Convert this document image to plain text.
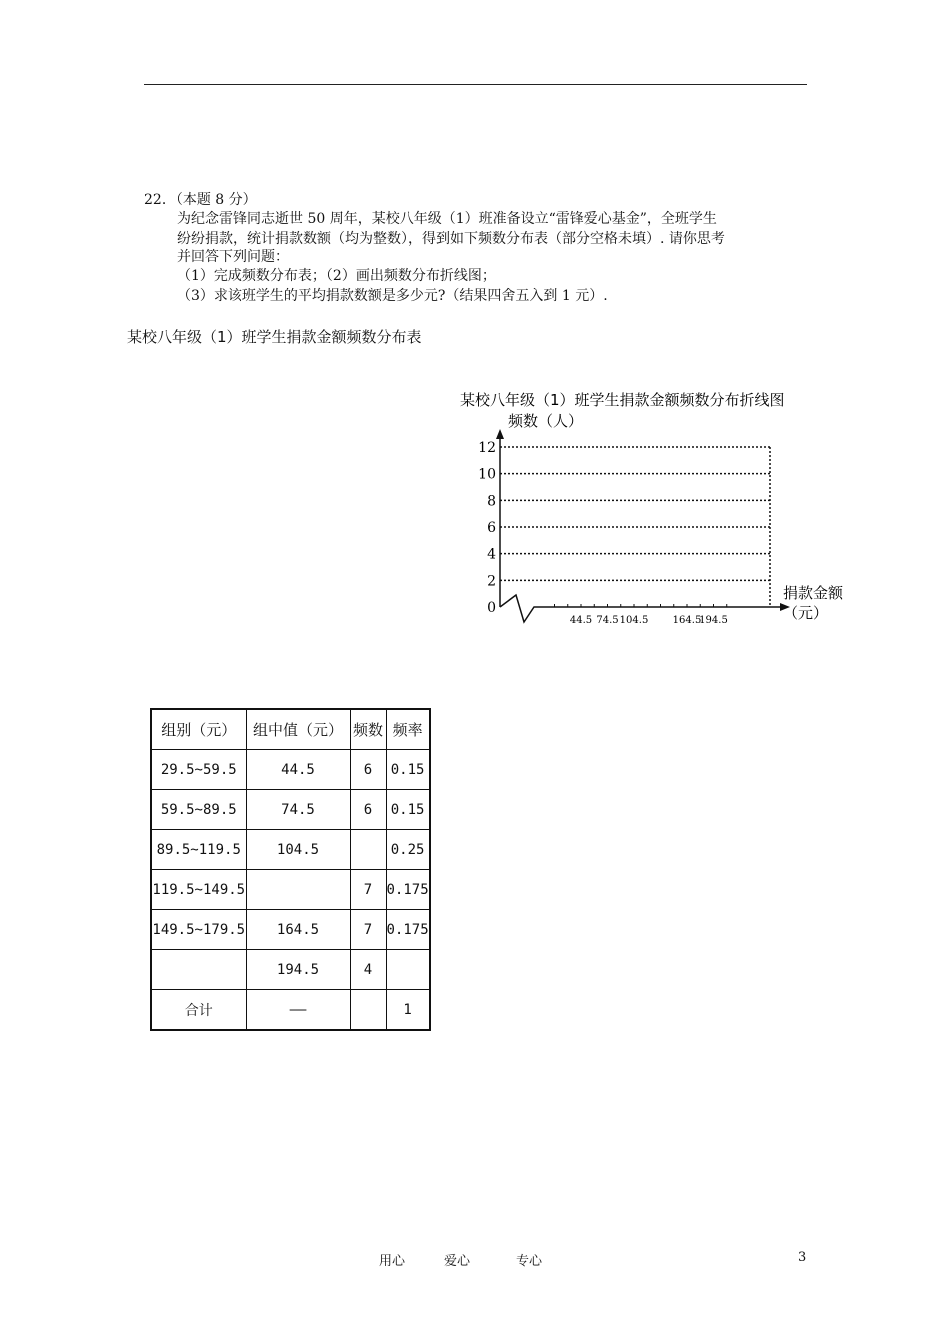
22．（本题 8 分）
为纪念雷锋同志逝世 50 周年，某校八年级（1）班准备设立“雷锋爱心基金”，全班学生
纷纷捐款，统计捐款数额（均为整数），得到如下频数分布表（部分空格未填）. 请你思考
并回答下列问题：
（1）完成频数分布表；（2）画出频数分布折线图；
（3）求该班学生的平均捐款数额是多少元?（结果四舍五入到 1 元）.
某校八年级（1）班学生捐款金额频数分布表
某校八年级（1）班学生捐款金额频数分布折线图
频数（人）
0
2
4
6
8
10
12
44.5 74.5 104.5 164.5
194.5
捐款金额
（元）
组别（元）	组中值（元）	频数	频率
29.5~59.5	44.5	6	0.15
59.5~89.5	74.5	6	0.15
89.5~119.5	104.5		0.25
119.5~149.5		7	0.175
149.5~179.5	164.5	7	0.175
	194.5	4	
合计	——		1
用心	爱心	专心	3
